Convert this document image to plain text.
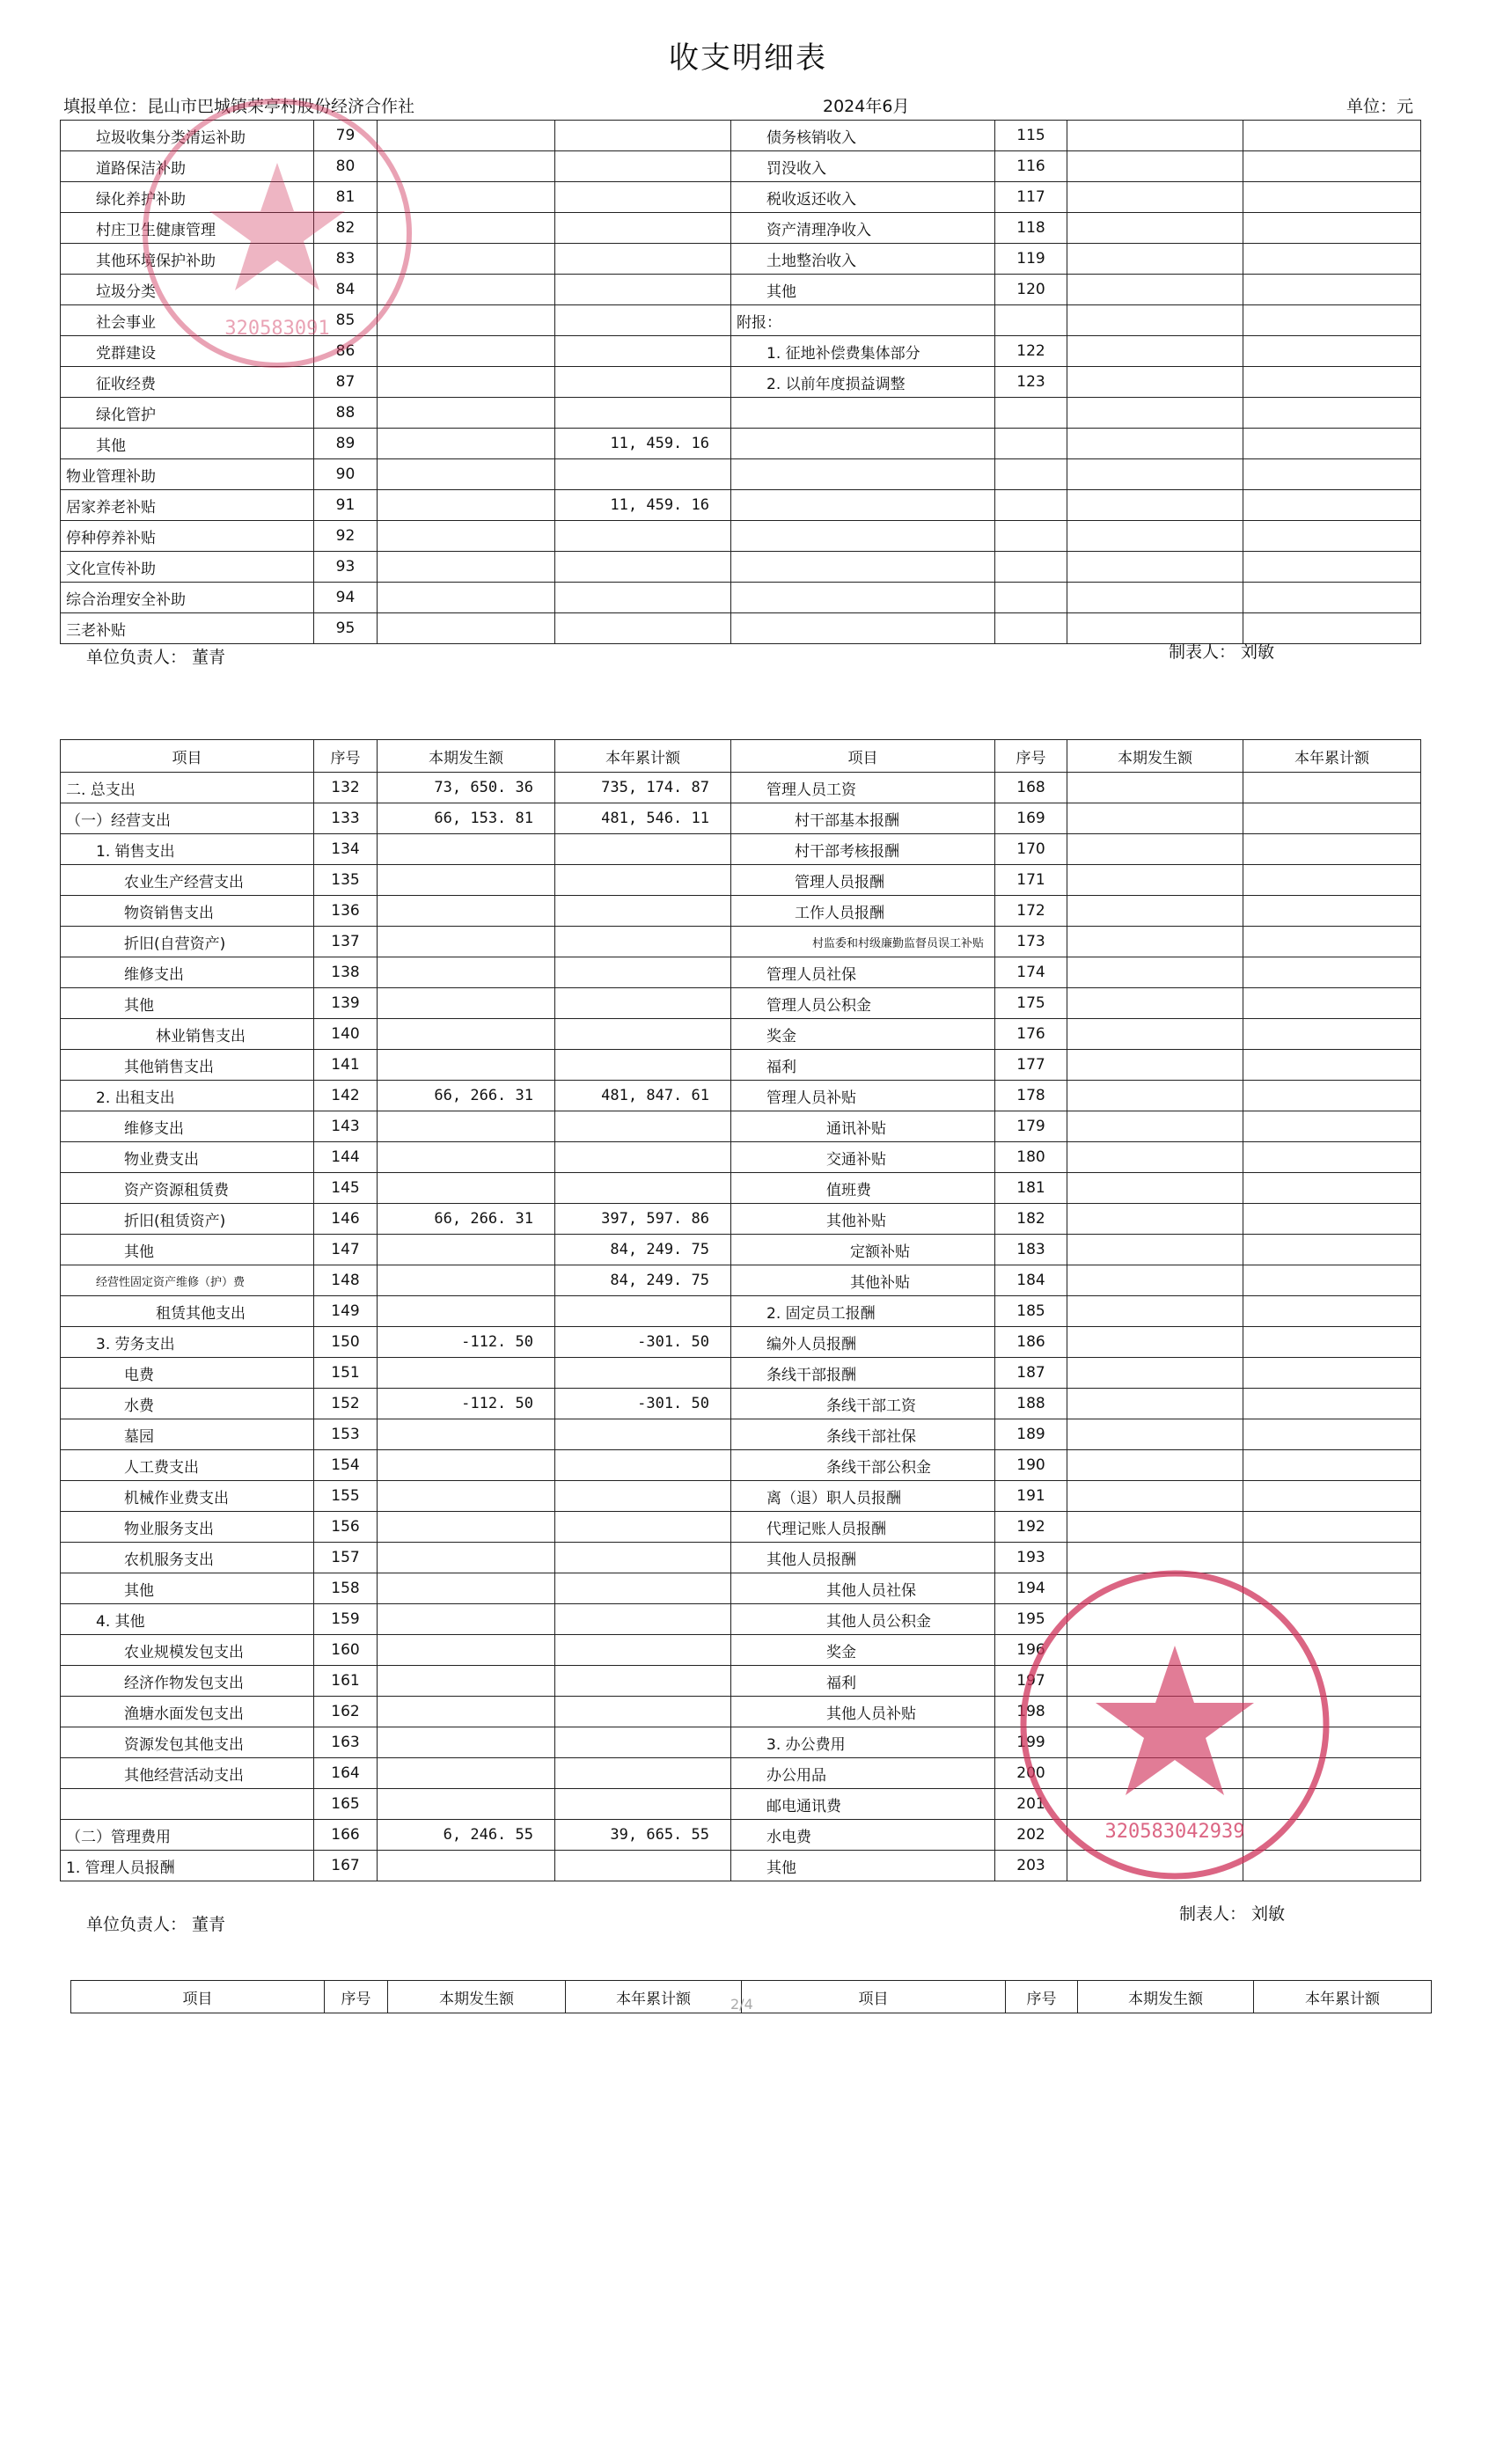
收支明细表
填报单位：昆山市巴城镇荣亭村股份经济合作社	2024年6月	单位：元
垃圾收集分类清运补助	79			债务核销收入	115		
道路保洁补助	80			罚没收入	116		
绿化养护补助	81			税收返还收入	117		
村庄卫生健康管理	82			资产清理净收入	118		
其他环境保护补助	83			土地整治收入	119		
垃圾分类	84			其他	120		
社会事业	85			附报：			
党群建设	86			1. 征地补偿费集体部分	122		
征收经费	87			2. 以前年度损益调整	123		
绿化管护	88						
其他	89		11, 459. 16				
物业管理补助	90						
居家养老补贴	91		11, 459. 16				
停种停养补贴	92						
文化宣传补助	93						
综合治理安全补助	94						
三老补贴	95						
单位负责人： 董青	制表人： 刘敏
项目	序号	本期发生额	本年累计额	项目	序号	本期发生额	本年累计额
二. 总支出	132	73, 650. 36	735, 174. 87	管理人员工资	168		
（一）经营支出	133	66, 153. 81	481, 546. 11	村干部基本报酬	169		
1. 销售支出	134			村干部考核报酬	170		
农业生产经营支出	135			管理人员报酬	171		
物资销售支出	136			工作人员报酬	172		
折旧(自营资产)	137			村监委和村级廉勤监督员误工补贴	173		
维修支出	138			管理人员社保	174		
其他	139			管理人员公积金	175		
林业销售支出	140			奖金	176		
其他销售支出	141			福利	177		
2. 出租支出	142	66, 266. 31	481, 847. 61	管理人员补贴	178		
维修支出	143			通讯补贴	179		
物业费支出	144			交通补贴	180		
资产资源租赁费	145			值班费	181		
折旧(租赁资产)	146	66, 266. 31	397, 597. 86	其他补贴	182		
其他	147		84, 249. 75	定额补贴	183		
经营性固定资产维修（护）费	148		84, 249. 75	其他补贴	184		
租赁其他支出	149			2. 固定员工报酬	185		
3. 劳务支出	150	-112. 50	-301. 50	编外人员报酬	186		
电费	151			条线干部报酬	187		
水费	152	-112. 50	-301. 50	条线干部工资	188		
墓园	153			条线干部社保	189		
人工费支出	154			条线干部公积金	190		
机械作业费支出	155			离（退）职人员报酬	191		
物业服务支出	156			代理记账人员报酬	192		
农机服务支出	157			其他人员报酬	193		
其他	158			其他人员社保	194		
4. 其他	159			其他人员公积金	195		
农业规模发包支出	160			奖金	196		
经济作物发包支出	161			福利	197		
渔塘水面发包支出	162			其他人员补贴	198		
资源发包其他支出	163			3. 办公费用	199		
其他经营活动支出	164			办公用品	200		
	165			邮电通讯费	201		
（二）管理费用	166	6, 246. 55	39, 665. 55	水电费	202		
1. 管理人员报酬	167			其他	203		
单位负责人： 董青
制表人： 刘敏
项目	序号	本期发生额	本年累计额	项目	序号	本期发生额	本年累计额
2/4
320583091
320583042939
